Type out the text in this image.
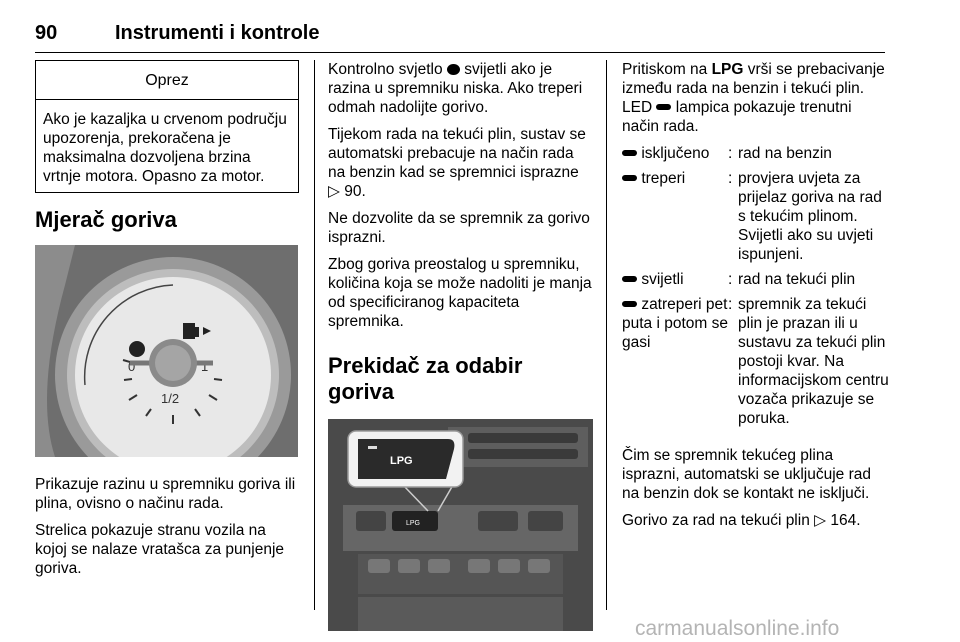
90	Instrumenti i kontrole
Oprez
Ako je kazaljka u crvenom području upozorenja, prekoračena je maksimalna dozvoljena brzina vrtnje motora. Opasno za motor.
Mjerač goriva
0
1/2
1

Prikazuje razinu u spremniku goriva ili plina, ovisno o načinu rada.

Strelica pokazuje stranu vozila na kojoj se nalaze vratašca za punjenje goriva.

Kontrolno svjetlo  svijetli ako je razina u spremniku niska. Ako treperi odmah nadolijte gorivo.

Tijekom rada na tekući plin, sustav se automatski prebacuje na način rada na benzin kad se spremnici isprazne ▷ 90.

Ne dozvolite da se spremnik za gorivo isprazni.

Zbog goriva preostalog u spremniku, količina koja se može nadoliti je manja od specificiranog kapaciteta spremnika.

Prekidač za odabir goriva
LPG
LPG

Pritiskom na LPG vrši se prebacivanje između rada na benzin i tekući plin. LED  lampica pokazuje trenutni način rada.

isključeno	:	rad na benzin
treperi	:	provjera uvjeta za prijelaz goriva na rad s tekućim plinom. Svijetli ako su uvjeti ispunjeni.
svijetli	:	rad na tekući plin
zatreperi pet puta i potom se gasi	:	spremnik za tekući plin je prazan ili u sustavu za tekući plin postoji kvar. Na informacijskom centru vozača prikazuje se poruka.

Čim se spremnik tekućeg plina isprazni, automatski se uključuje rad na benzin dok se kontakt ne isključi.

Gorivo za rad na tekući plin ▷ 164.

carmanualsonline.info
